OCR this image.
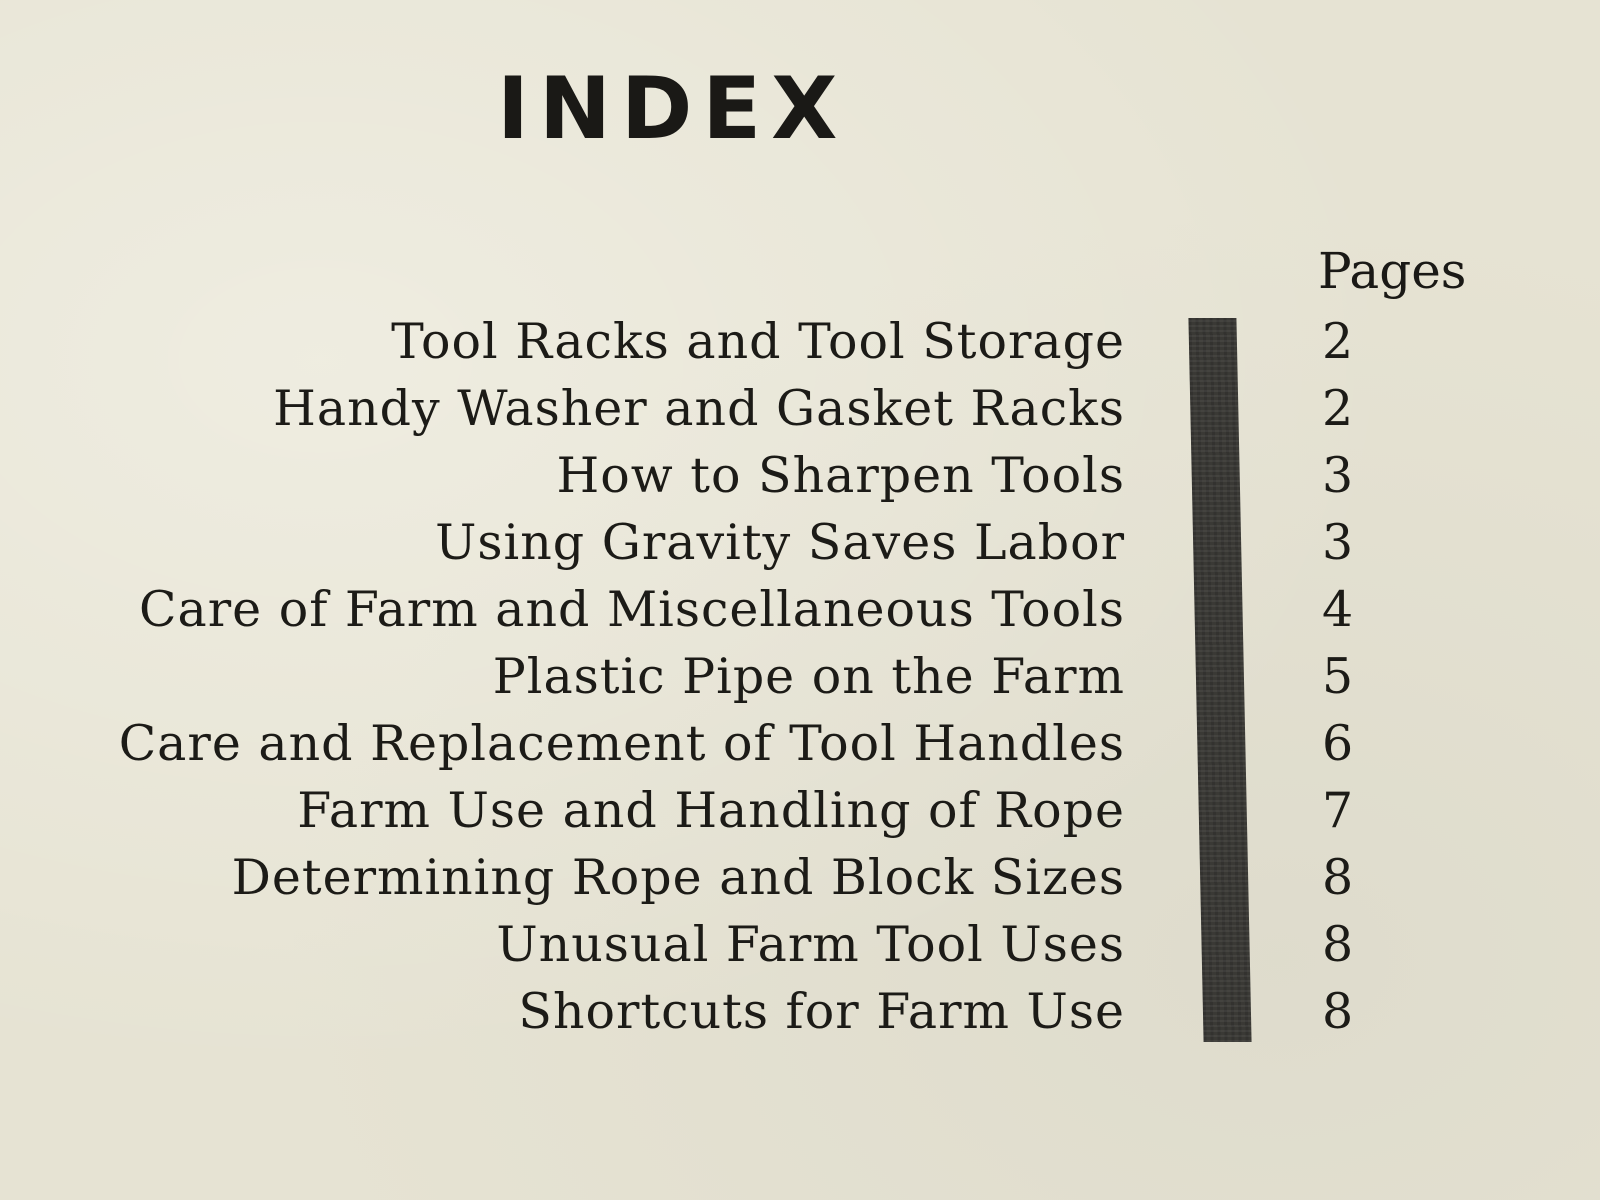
INDEX
Pages
Tool Racks and Tool Storage	2
Handy Washer and Gasket Racks	2
How to Sharpen Tools	3
Using Gravity Saves Labor	3
Care of Farm and Miscellaneous Tools	4
Plastic Pipe on the Farm	5
Care and Replacement of Tool Handles	6
Farm Use and Handling of Rope	7
Determining Rope and Block Sizes	8
Unusual Farm Tool Uses	8
Shortcuts for Farm Use	8
